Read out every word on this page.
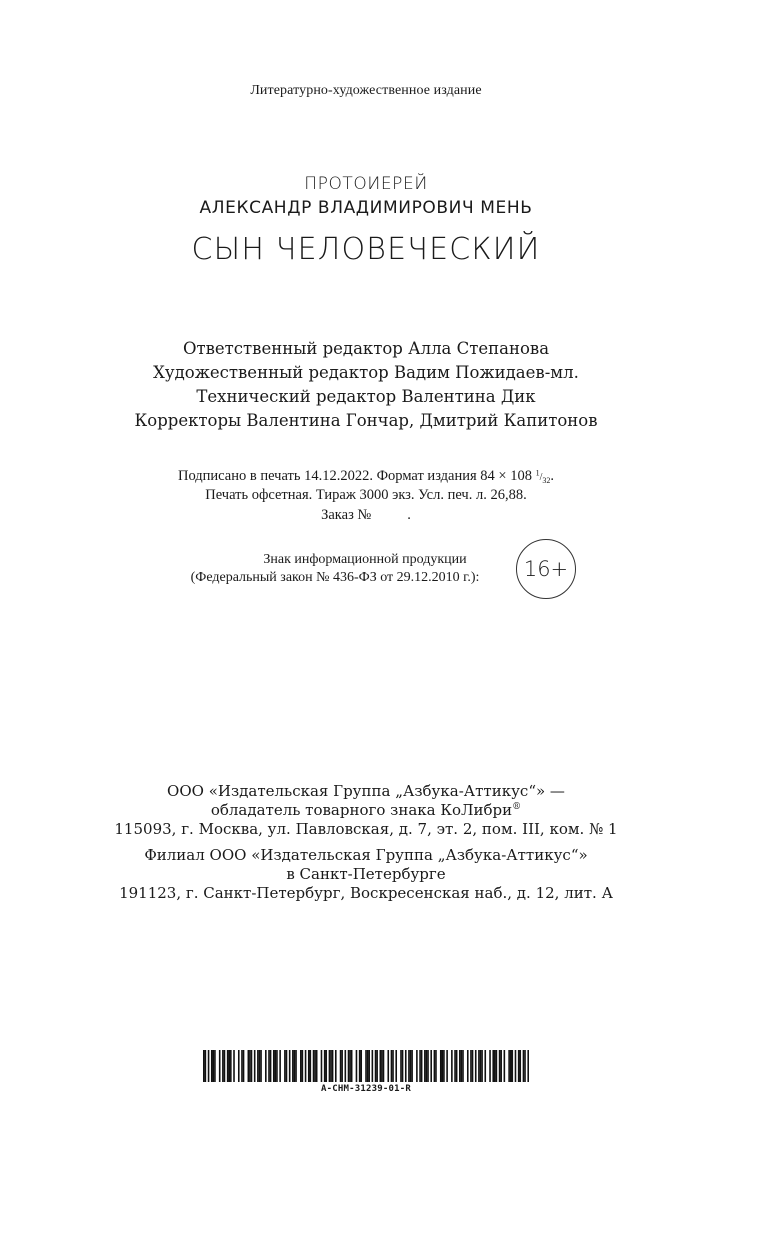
Литературно-художественное издание
ПРОТОИЕРЕЙ
АЛЕКСАНДР ВЛАДИМИРОВИЧ МЕНЬ
СЫН ЧЕЛОВЕЧЕСКИЙ
Ответственный редактор Алла Степанова
Художественный редактор Вадим Пожидаев-мл.
Технический редактор Валентина Дик
Корректоры Валентина Гончар, Дмитрий Капитонов
Подписано в печать 14.12.2022. Формат издания 84 × 108 $^1/_{32}$.
Печать офсетная. Тираж 3000 экз. Усл. печ. л. 26,88.
Заказ № .
Знак информационной продукции
(Федеральный закон № 436-ФЗ от 29.12.2010 г.):	16+
ООО «Издательская Группа „Азбука-Аттикус“» —
обладатель товарного знака КоЛибри®
115093, г. Москва, ул. Павловская, д. 7, эт. 2, пом. III, ком. № 1
Филиал ООО «Издательская Группа „Азбука-Аттикус“»
в Санкт-Петербурге
191123, г. Санкт-Петербург, Воскресенская наб., д. 12, лит. А
A-CHM-31239-01-R
